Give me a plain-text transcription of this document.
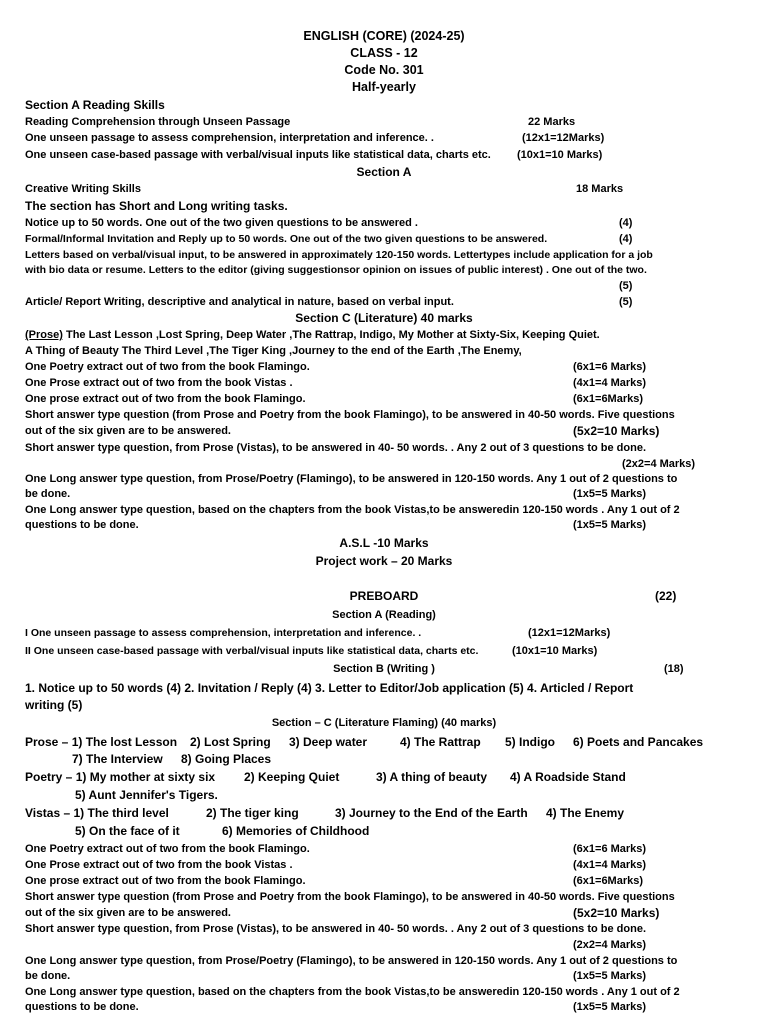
ENGLISH (CORE) (2024-25)
CLASS - 12
Code No. 301
Half-yearly
Section A Reading Skills
Reading Comprehension through Unseen Passage	22 Marks
One unseen passage to assess comprehension, interpretation and inference. .	(12x1=12Marks)
One unseen case-based passage with verbal/visual inputs like statistical data, charts etc. (10x1=10 Marks)
Section A
Creative Writing Skills	18 Marks
The section has Short and Long writing tasks.
Notice up to 50 words. One out of the two given questions to be answered .	(4)
Formal/Informal Invitation and Reply up to 50 words. One out of the two given questions to be answered.	(4)
Letters based on verbal/visual input, to be answered in approximately 120-150 words. Lettertypes include application for a job
with bio data or resume. Letters to the editor (giving suggestionsor opinion on issues of public interest) . One out of the two.
(5)
Article/ Report Writing, descriptive and analytical in nature, based on verbal input.	(5)
Section C (Literature) 40 marks
(Prose) The Last Lesson ,Lost Spring, Deep Water ,The Rattrap, Indigo, My Mother at Sixty-Six, Keeping Quiet.
A Thing of Beauty The Third Level ,The Tiger King ,Journey to the end of the Earth ,The Enemy,
One Poetry extract out of two from the book Flamingo.	(6x1=6 Marks)
One Prose extract out of two from the book Vistas .	(4x1=4 Marks)
One prose extract out of two from the book Flamingo.	(6x1=6Marks)
Short answer type question (from Prose and Poetry from the book Flamingo), to be answered in 40-50 words. Five questions
out of the six given are to be answered.	(5x2=10 Marks)
Short answer type question, from Prose (Vistas), to be answered in 40- 50 words. . Any 2 out of 3 questions to be done.
(2x2=4 Marks)
One Long answer type question, from Prose/Poetry (Flamingo), to be answered in 120-150 words. Any 1 out of 2 questions to
be done.	(1x5=5 Marks)
One Long answer type question, based on the chapters from the book Vistas,to be answeredin 120-150 words . Any 1 out of 2
questions to be done.	(1x5=5 Marks)
A.S.L -10 Marks
Project work – 20 Marks
PREBOARD	(22)
Section A (Reading)
I One unseen passage to assess comprehension, interpretation and inference. .	(12x1=12Marks)
II One unseen case-based passage with verbal/visual inputs like statistical data, charts etc.	(10x1=10 Marks)
Section B (Writing )	(18)
1. Notice up to 50 words (4) 2. Invitation / Reply (4) 3. Letter to Editor/Job application (5) 4. Articled / Report
writing (5)
Section – C (Literature Flaming) (40 marks)
Prose – 1) The lost Lesson 2) Lost Spring 3) Deep water	4) The Rattrap 5) Indigo 6) Poets and Pancakes
7) The Interview 8) Going Places
Poetry – 1) My mother at sixty six 2) Keeping Quiet	3) A thing of beauty 4) A Roadside Stand
5) Aunt Jennifer's Tigers.
Vistas – 1) The third level	2) The tiger king	3) Journey to the End of the Earth 4) The Enemy
5) On the face of it	6) Memories of Childhood
One Poetry extract out of two from the book Flamingo.	(6x1=6 Marks)
One Prose extract out of two from the book Vistas .	(4x1=4 Marks)
One prose extract out of two from the book Flamingo.	(6x1=6Marks)
Short answer type question (from Prose and Poetry from the book Flamingo), to be answered in 40-50 words. Five questions
out of the six given are to be answered.	(5x2=10 Marks)
Short answer type question, from Prose (Vistas), to be answered in 40- 50 words. . Any 2 out of 3 questions to be done.
(2x2=4 Marks)
One Long answer type question, from Prose/Poetry (Flamingo), to be answered in 120-150 words. Any 1 out of 2 questions to
be done.	(1x5=5 Marks)
One Long answer type question, based on the chapters from the book Vistas,to be answeredin 120-150 words . Any 1 out of 2
questions to be done.	(1x5=5 Marks)
